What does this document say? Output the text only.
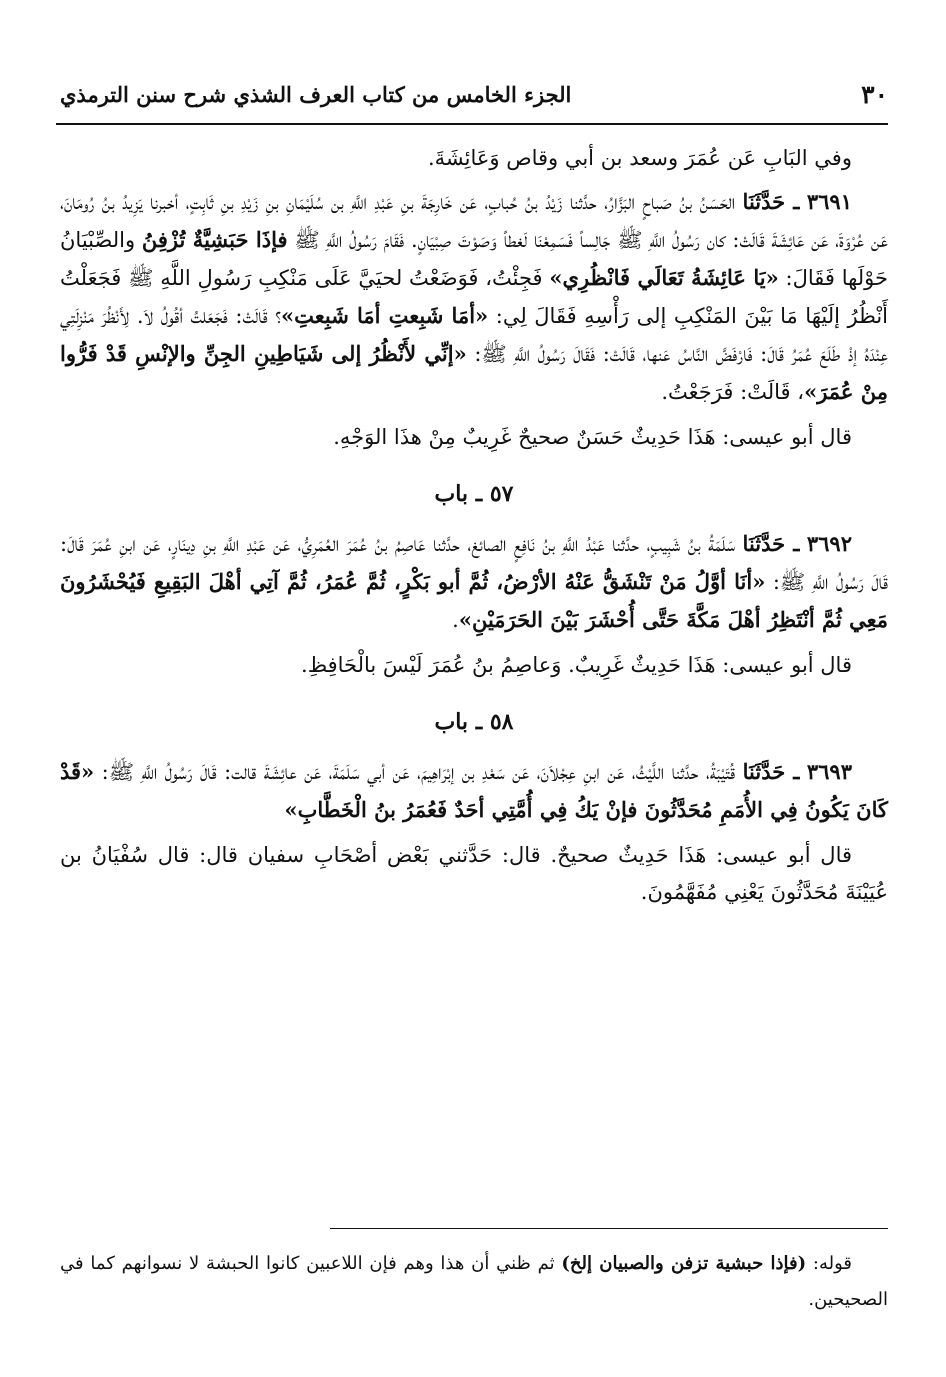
٣٠
الجزء الخامس من كتاب العرف الشذي شرح سنن الترمذي

وفي البَابِ عَن عُمَرَ وسعد بن أبي وقاص وَعَائِشَةَ.

٣٦٩١ ـ حَدَّثَنَا الحَسَنُ بنُ صَباحٍ البَزَّارُ، حدَّثنا زَيْدُ بنُ حُبابٍ، عَن خَارِجَةَ بنِ عَبْدِ اللَّهِ بن سُلَيْمَانِ بنِ زَيْدِ بنِ ثَابِتٍ، أخبرنا يَزِيدُ بنُ رُومَانَ، عَن عُرْوَةَ، عَن عَائِشَةَ قَالَتْ: كان رَسُولُ اللَّهِ ﷺ جَالِساً فَسَمِعْنَا لَغطاً وَصَوْتَ صِبْيَانٍ. فَقَامَ رَسُولُ اللَّهِ ﷺ فإذَا حَبَشِيَّةٌ تُزْفِنُ والصِّبْيَانُ حَوْلَها فَقَالَ: «يَا عَائِشَةُ تَعَالَي فَانْظُرِي» فَجِئْتُ، فَوَضَعْتُ لحيَيَّ عَلَى مَنْكِبِ رَسُولِ اللَّهِ ﷺ فَجَعَلْتُ أَنْظُرُ إلَيْهَا مَا بَيْنَ المَنْكِبِ إلى رَأْسِهِ فَقَالَ لِي: «أمَا شَبِعتِ أمَا شَبِعتِ»؟ قَالَتْ: فَجَعَلتُ أقُولُ لاَ. لِأَنْظُرَ مَنْزِلَتِي عِنْدَهُ إذْ طَلَعَ عُمَرُ قَالَ: فَارْفَضَّ النَّاسُ عَنها، قَالَتْ: فَقَالَ رَسُولُ اللَّهِ ﷺ: «إنِّي لأَنْظُرُ إلى شَيَاطِينِ الجِنِّ والإنْسِ قَدْ فَرُّوا مِنْ عُمَرَ»، قَالَتْ: فَرَجَعْتُ.

قال أبو عيسى: هَذَا حَدِيثٌ حَسَنٌ صحيحٌ غَرِيبٌ مِنْ هذَا الوَجْهِ.

٥٧ ـ باب

٣٦٩٢ ـ حَدَّثَنَا سَلَمَةُ بنُ شَبِيبٍ، حدَّثنا عَبْدُ اللَّهِ بنُ نَافِعٍ الصائغ، حدَّثنا عَاصِمُ بنُ عُمَرَ العُمَرِيُّ، عَن عَبْدِ اللَّهِ بنِ دِينَارٍ، عَن ابنِ عُمَرَ قَالَ: قَالَ رَسُولُ اللَّهِ ﷺ: «أنَا أوَّلُ مَنْ تَنْشَقُّ عَنْهُ الأرْضُ، ثُمَّ أبو بَكْرٍ، ثُمَّ عُمَرُ، ثُمَّ آتِي أهْلَ البَقِيعِ فَيُحْشَرُونَ مَعِي ثُمَّ أنْتَظِرُ أهْلَ مَكَّةَ حَتَّى أُحْشَرَ بَيْنَ الحَرَمَيْنِ».

قال أبو عيسى: هَذَا حَدِيثٌ غَرِيبٌ. وَعاصِمُ بنُ عُمَرَ لَيْسَ بالْحَافِظِ.

٥٨ ـ باب

٣٦٩٣ ـ حَدَّثَنَا قُتَيْبَةُ، حدَّثنا اللَّيْثُ، عَن ابنِ عِجْلاَنَ، عَن سَعْدِ بن إبْرَاهِيمَ، عَن أبي سَلَمَةَ، عَن عائِشَةَ قالت: قَالَ رَسُولُ اللَّهِ ﷺ: «قَدْ كَانَ يَكُونُ فِي الأُمَمِ مُحَدَّثُونَ فإنْ يَكُ فِي أُمَّتِي أحَدٌ فَعُمَرُ بنُ الْخَطَّابِ»

قال أبو عيسى: هَذَا حَدِيثٌ صحيحٌ. قال: حَدَّثني بَعْض أصْحَابِ سفيان قال: قال سُفْيَانُ بن عُيَيْنَةَ مُحَدَّثُونَ يَعْنِي مُفَهَّمُونَ.

قوله: (فإذا حبشية تزفن والصبيان إلخ) ثم ظني أن هذا وهم فإن اللاعبين كانوا الحبشة لا نسوانهم كما في الصحيحين.
